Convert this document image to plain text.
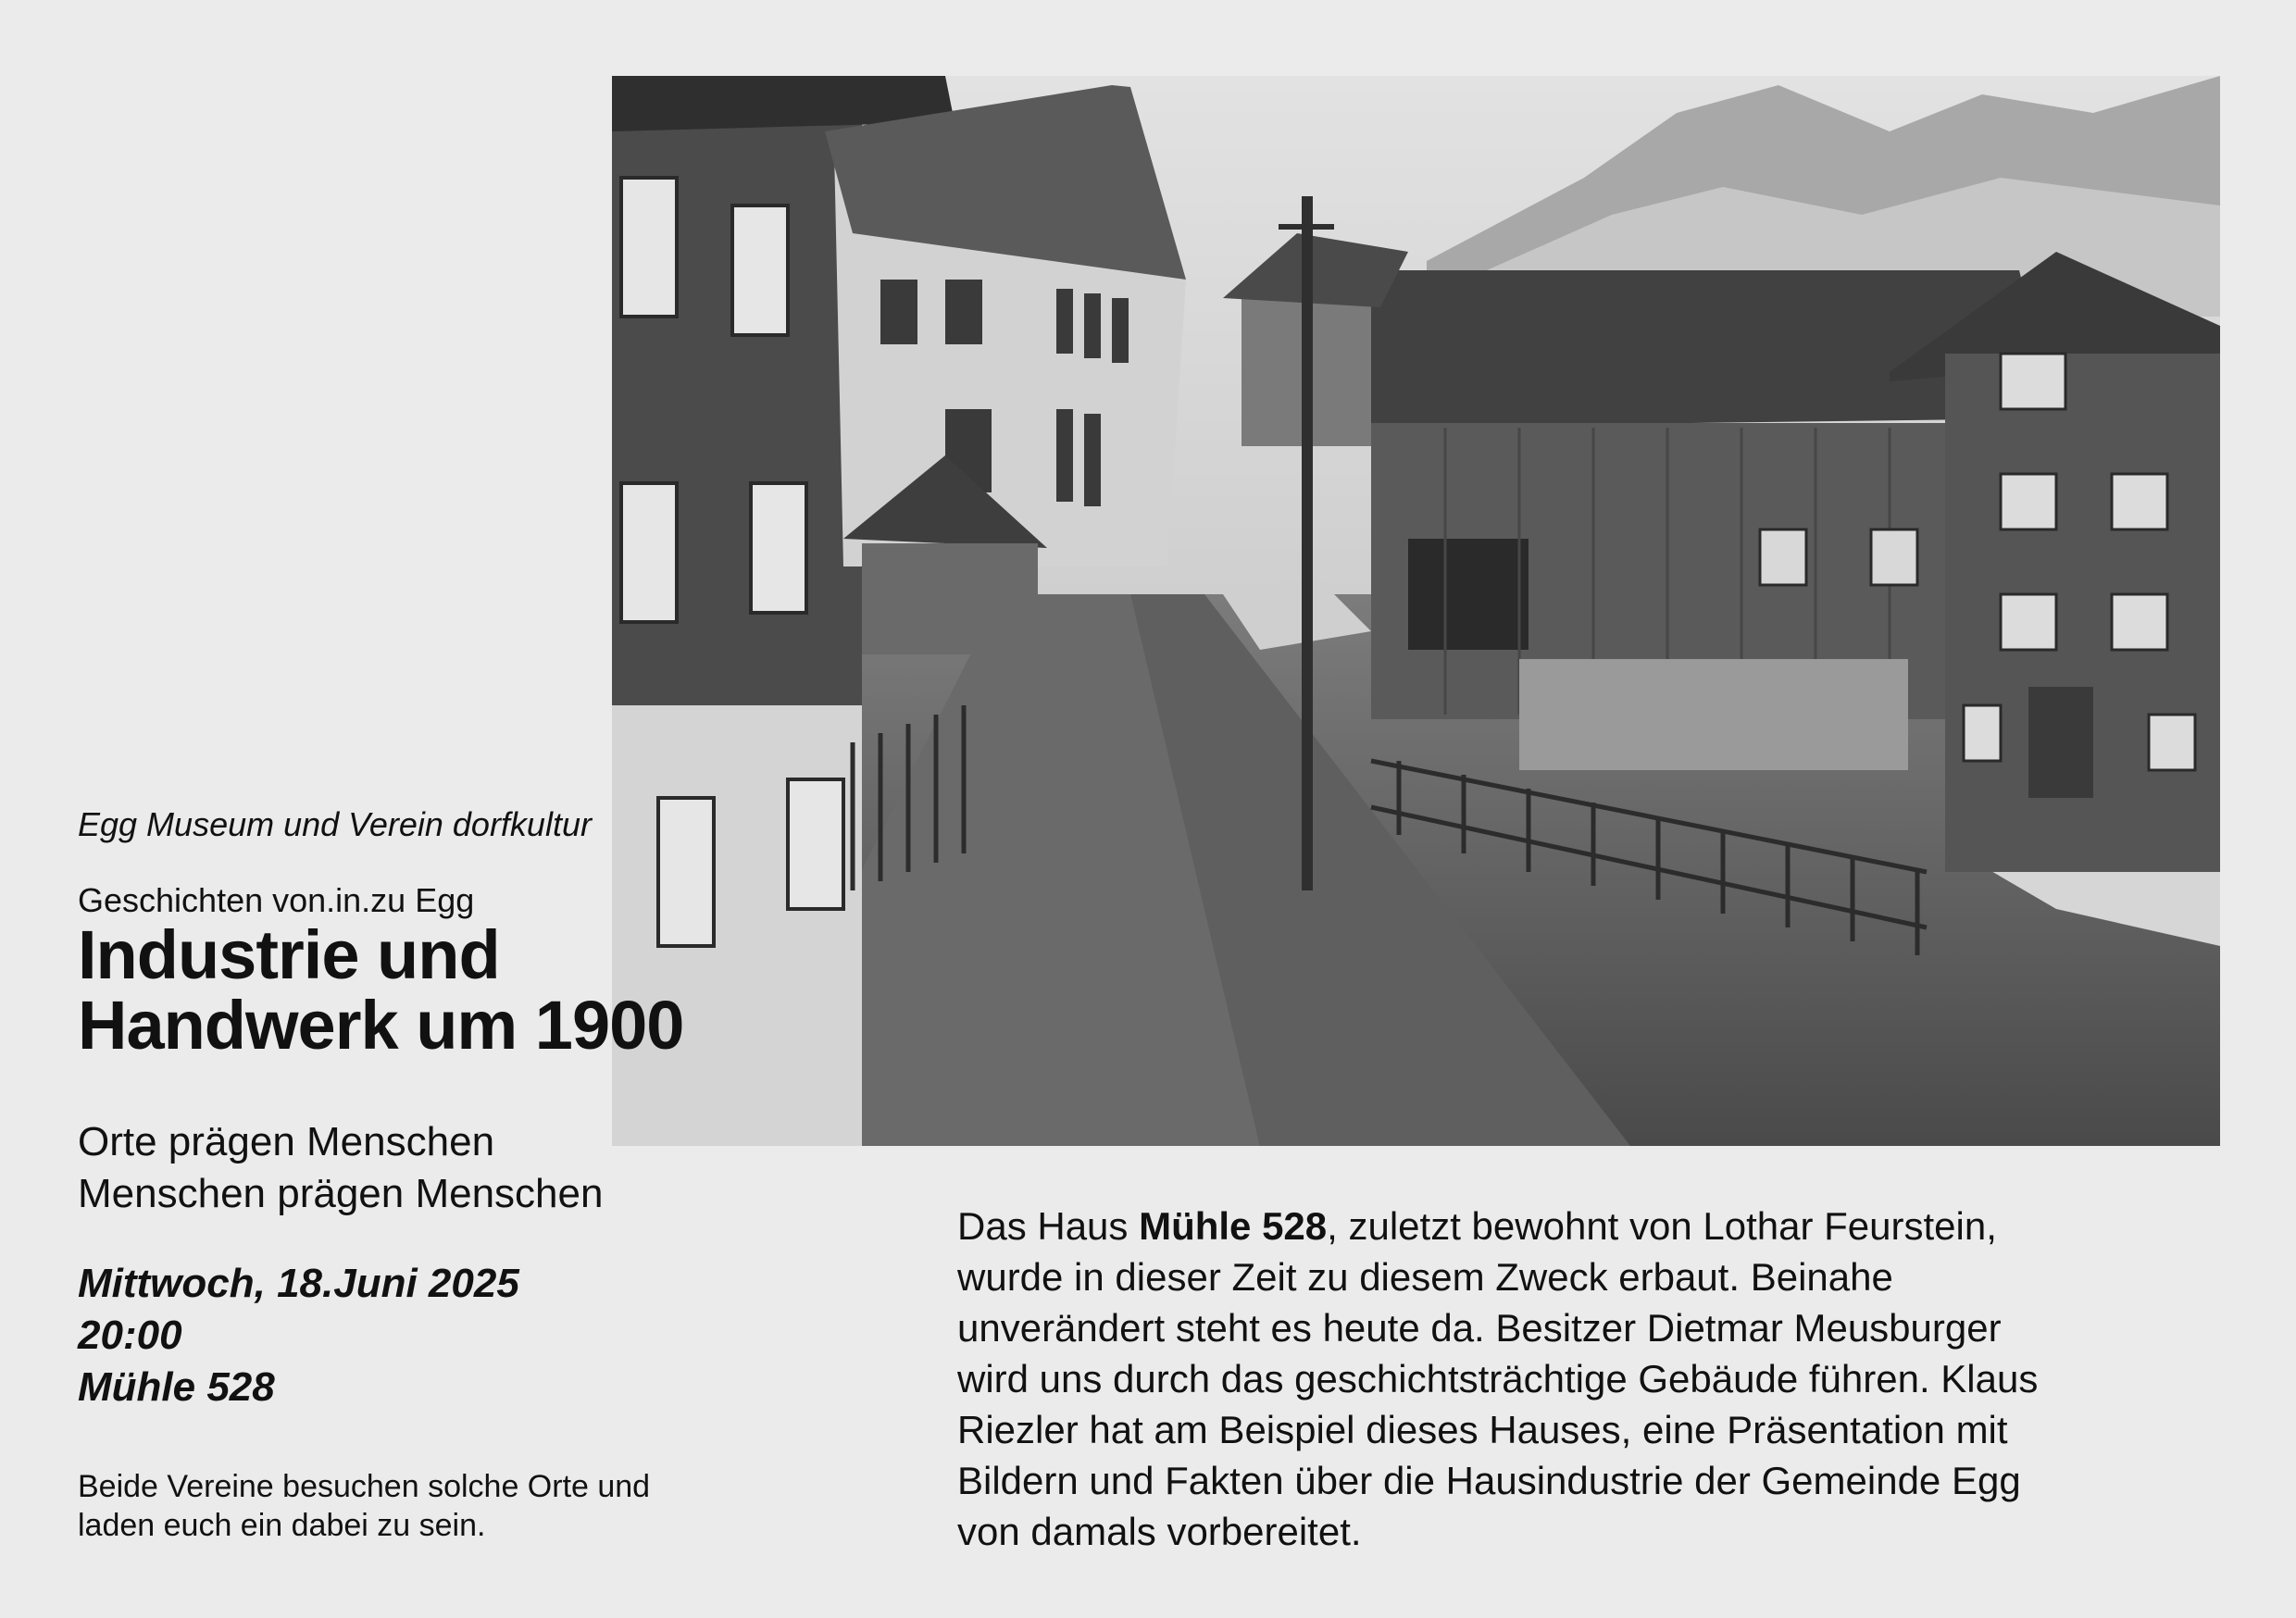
Egg Museum und Verein dorfkultur

Geschichten von.in.zu Egg

Industrie und
Handwerk um 1900

Orte prägen Menschen
Menschen prägen Menschen

Mittwoch, 18.Juni 2025
20:00
Mühle 528

Beide Vereine besuchen solche Orte und
laden euch ein dabei zu sein.

Das Haus Mühle 528, zuletzt bewohnt von Lothar Feurstein,
wurde in dieser Zeit zu diesem Zweck erbaut. Beinahe
unverändert steht es heute da. Besitzer Dietmar Meusburger
wird uns durch das geschichtsträchtige Gebäude führen. Klaus
Riezler hat am Beispiel dieses Hauses, eine Präsentation mit
Bildern und Fakten über die Hausindustrie der Gemeinde Egg
von damals vorbereitet.
